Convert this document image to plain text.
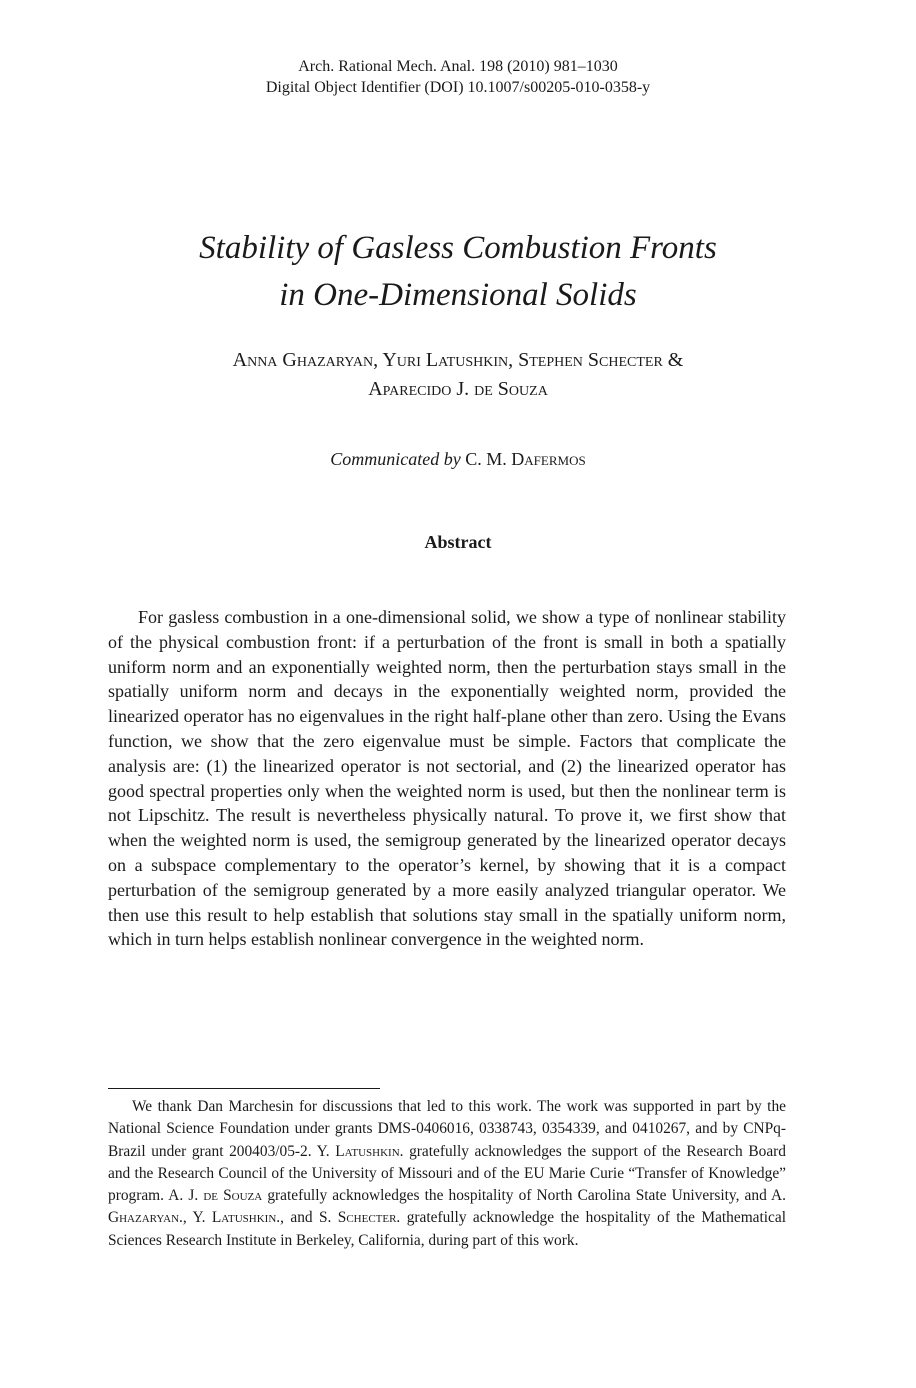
Arch. Rational Mech. Anal. 198 (2010) 981–1030
Digital Object Identifier (DOI) 10.1007/s00205-010-0358-y
Stability of Gasless Combustion Fronts
in One-Dimensional Solids
Anna Ghazaryan, Yuri Latushkin, Stephen Schecter &
Aparecido J. de Souza
Communicated by C. M. Dafermos
Abstract

For gasless combustion in a one-dimensional solid, we show a type of nonlinear stability of the physical combustion front: if a perturbation of the front is small in both a spatially uniform norm and an exponentially weighted norm, then the perturbation stays small in the spatially uniform norm and decays in the exponentially weighted norm, provided the linearized operator has no eigenvalues in the right half-plane other than zero. Using the Evans function, we show that the zero eigenvalue must be simple. Factors that complicate the analysis are: (1) the linearized operator is not sectorial, and (2) the linearized operator has good spectral properties only when the weighted norm is used, but then the nonlinear term is not Lipschitz. The result is nevertheless physically natural. To prove it, we first show that when the weighted norm is used, the semigroup generated by the linearized operator decays on a subspace complementary to the operator’s kernel, by showing that it is a compact perturbation of the semigroup generated by a more easily analyzed triangular operator. We then use this result to help establish that solutions stay small in the spatially uniform norm, which in turn helps establish nonlinear convergence in the weighted norm.

We thank Dan Marchesin for discussions that led to this work. The work was supported in part by the National Science Foundation under grants DMS-0406016, 0338743, 0354339, and 0410267, and by CNPq-Brazil under grant 200403/05-2. Y. Latushkin. gratefully acknowledges the support of the Research Board and the Research Council of the University of Missouri and of the EU Marie Curie “Transfer of Knowledge” program. A. J. de Souza gratefully acknowledges the hospitality of North Carolina State University, and A. Ghazaryan., Y. Latushkin., and S. Schecter. gratefully acknowledge the hospitality of the Mathematical Sciences Research Institute in Berkeley, California, during part of this work.
